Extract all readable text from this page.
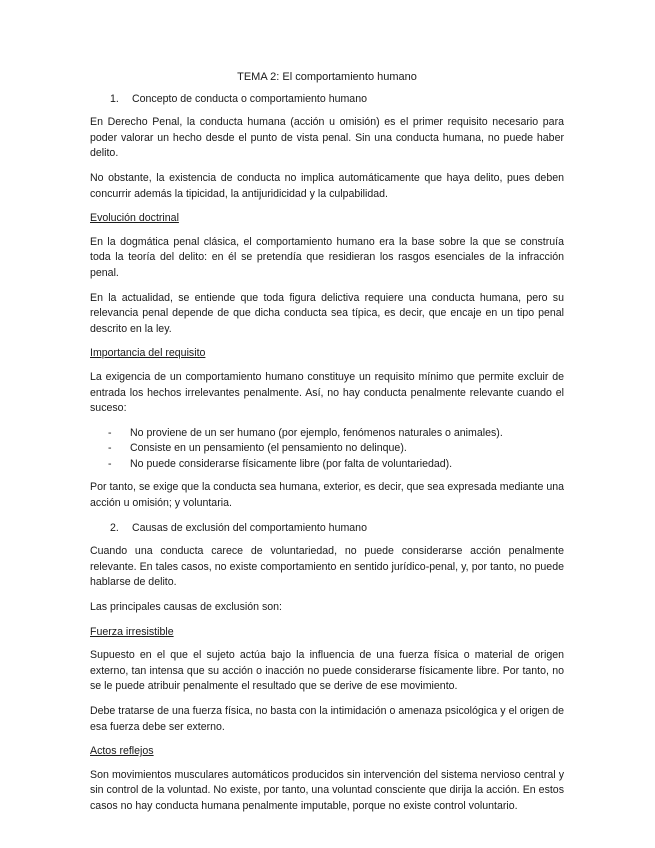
TEMA 2: El comportamiento humano
1. Concepto de conducta o comportamiento humano

En Derecho Penal, la conducta humana (acción u omisión) es el primer requisito necesario para poder valorar un hecho desde el punto de vista penal. Sin una conducta humana, no puede haber delito.

No obstante, la existencia de conducta no implica automáticamente que haya delito, pues deben concurrir además la tipicidad, la antijuridicidad y la culpabilidad.

Evolución doctrinal

En la dogmática penal clásica, el comportamiento humano era la base sobre la que se construía toda la teoría del delito: en él se pretendía que residieran los rasgos esenciales de la infracción penal.

En la actualidad, se entiende que toda figura delictiva requiere una conducta humana, pero su relevancia penal depende de que dicha conducta sea típica, es decir, que encaje en un tipo penal descrito en la ley.

Importancia del requisito

La exigencia de un comportamiento humano constituye un requisito mínimo que permite excluir de entrada los hechos irrelevantes penalmente. Así, no hay conducta penalmente relevante cuando el suceso:

- No proviene de un ser humano (por ejemplo, fenómenos naturales o animales).
- Consiste en un pensamiento (el pensamiento no delinque).
- No puede considerarse físicamente libre (por falta de voluntariedad).

Por tanto, se exige que la conducta sea humana, exterior, es decir, que sea expresada mediante una acción u omisión; y voluntaria.

2. Causas de exclusión del comportamiento humano

Cuando una conducta carece de voluntariedad, no puede considerarse acción penalmente relevante. En tales casos, no existe comportamiento en sentido jurídico-penal, y, por tanto, no puede hablarse de delito.

Las principales causas de exclusión son:

Fuerza irresistible

Supuesto en el que el sujeto actúa bajo la influencia de una fuerza física o material de origen externo, tan intensa que su acción o inacción no puede considerarse físicamente libre. Por tanto, no se le puede atribuir penalmente el resultado que se derive de ese movimiento.

Debe tratarse de una fuerza física, no basta con la intimidación o amenaza psicológica y el origen de esa fuerza debe ser externo.

Actos reflejos

Son movimientos musculares automáticos producidos sin intervención del sistema nervioso central y sin control de la voluntad. No existe, por tanto, una voluntad consciente que dirija la acción. En estos casos no hay conducta humana penalmente imputable, porque no existe control voluntario.
